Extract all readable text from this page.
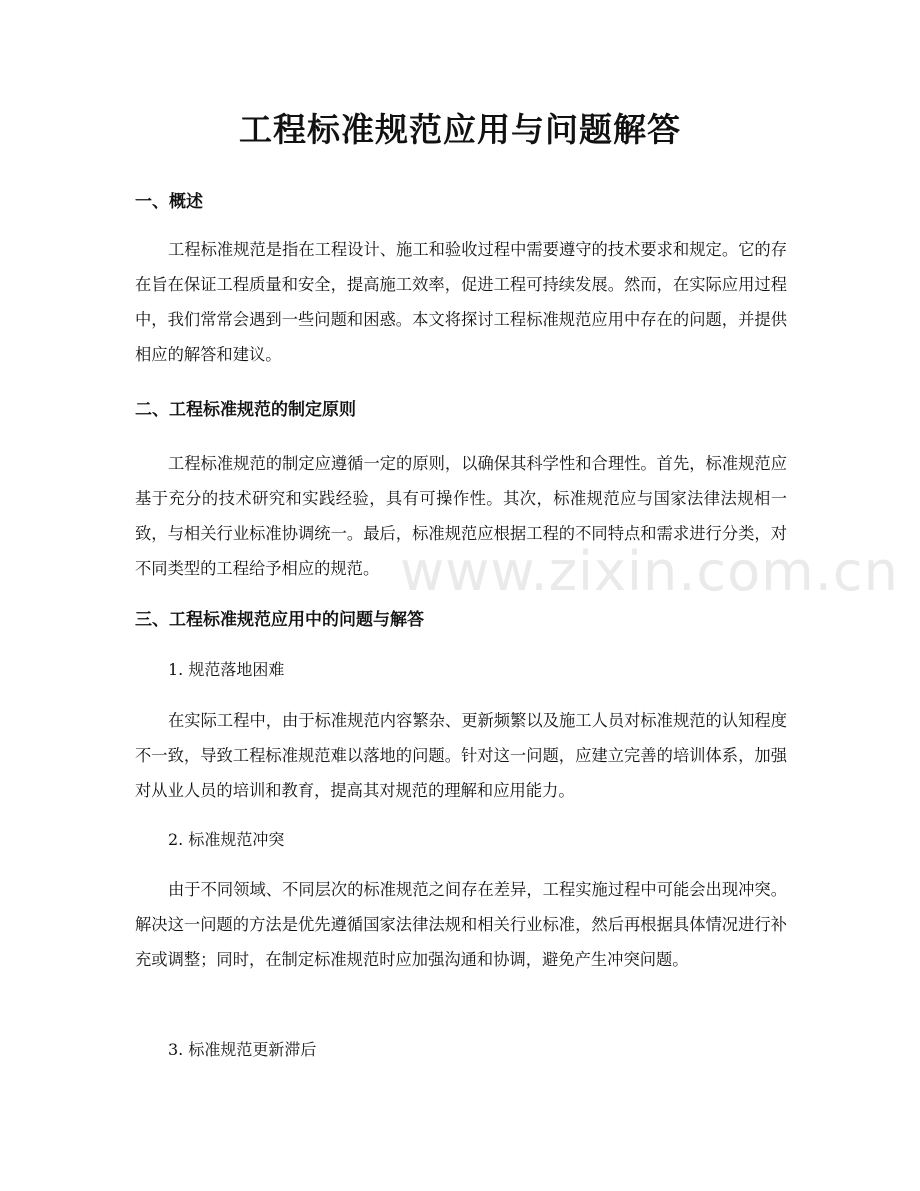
工程标准规范应用与问题解答
一、概述

工程标准规范是指在工程设计、施工和验收过程中需要遵守的技术要求和规定。它的存在旨在保证工程质量和安全，提高施工效率，促进工程可持续发展。然而，在实际应用过程中，我们常常会遇到一些问题和困惑。本文将探讨工程标准规范应用中存在的问题，并提供相应的解答和建议。

二、工程标准规范的制定原则

工程标准规范的制定应遵循一定的原则，以确保其科学性和合理性。首先，标准规范应基于充分的技术研究和实践经验，具有可操作性。其次，标准规范应与国家法律法规相一致，与相关行业标准协调统一。最后，标准规范应根据工程的不同特点和需求进行分类，对不同类型的工程给予相应的规范。

三、工程标准规范应用中的问题与解答

1. 规范落地困难

在实际工程中，由于标准规范内容繁杂、更新频繁以及施工人员对标准规范的认知程度不一致，导致工程标准规范难以落地的问题。针对这一问题，应建立完善的培训体系，加强对从业人员的培训和教育，提高其对规范的理解和应用能力。

2. 标准规范冲突

由于不同领域、不同层次的标准规范之间存在差异，工程实施过程中可能会出现冲突。解决这一问题的方法是优先遵循国家法律法规和相关行业标准，然后再根据具体情况进行补充或调整；同时，在制定标准规范时应加强沟通和协调，避免产生冲突问题。

3. 标准规范更新滞后

www.zixin.com.cn
